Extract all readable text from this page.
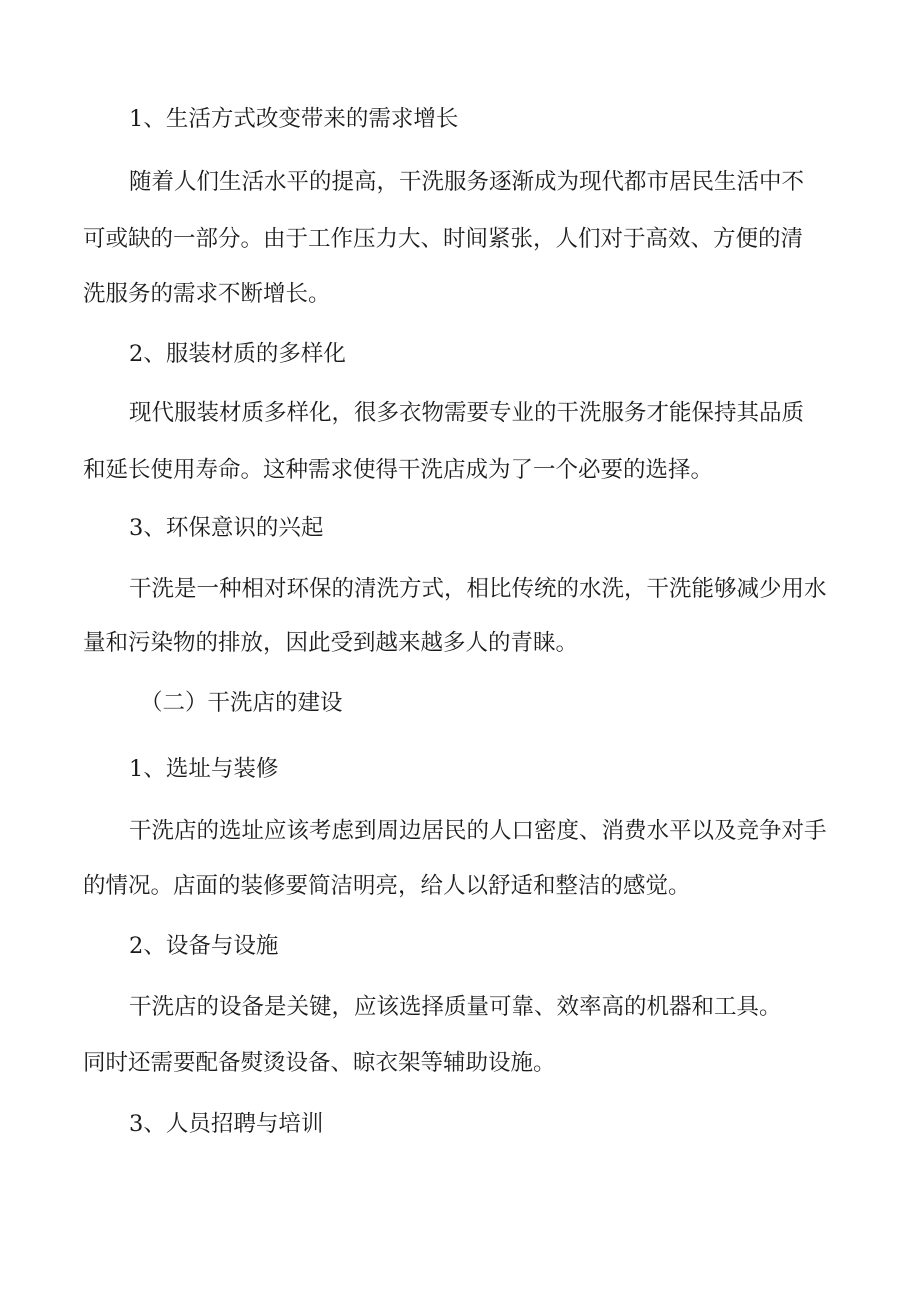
1、生活方式改变带来的需求增长
随着人们生活水平的提高，干洗服务逐渐成为现代都市居民生活中不
可或缺的一部分。由于工作压力大、时间紧张，人们对于高效、方便的清
洗服务的需求不断增长。
2、服装材质的多样化
现代服装材质多样化，很多衣物需要专业的干洗服务才能保持其品质
和延长使用寿命。这种需求使得干洗店成为了一个必要的选择。
3、环保意识的兴起
干洗是一种相对环保的清洗方式，相比传统的水洗，干洗能够减少用水
量和污染物的排放，因此受到越来越多人的青睐。
（二）干洗店的建设
1、选址与装修
干洗店的选址应该考虑到周边居民的人口密度、消费水平以及竞争对手
的情况。店面的装修要简洁明亮，给人以舒适和整洁的感觉。
2、设备与设施
干洗店的设备是关键，应该选择质量可靠、效率高的机器和工具。
同时还需要配备熨烫设备、晾衣架等辅助设施。
3、人员招聘与培训
